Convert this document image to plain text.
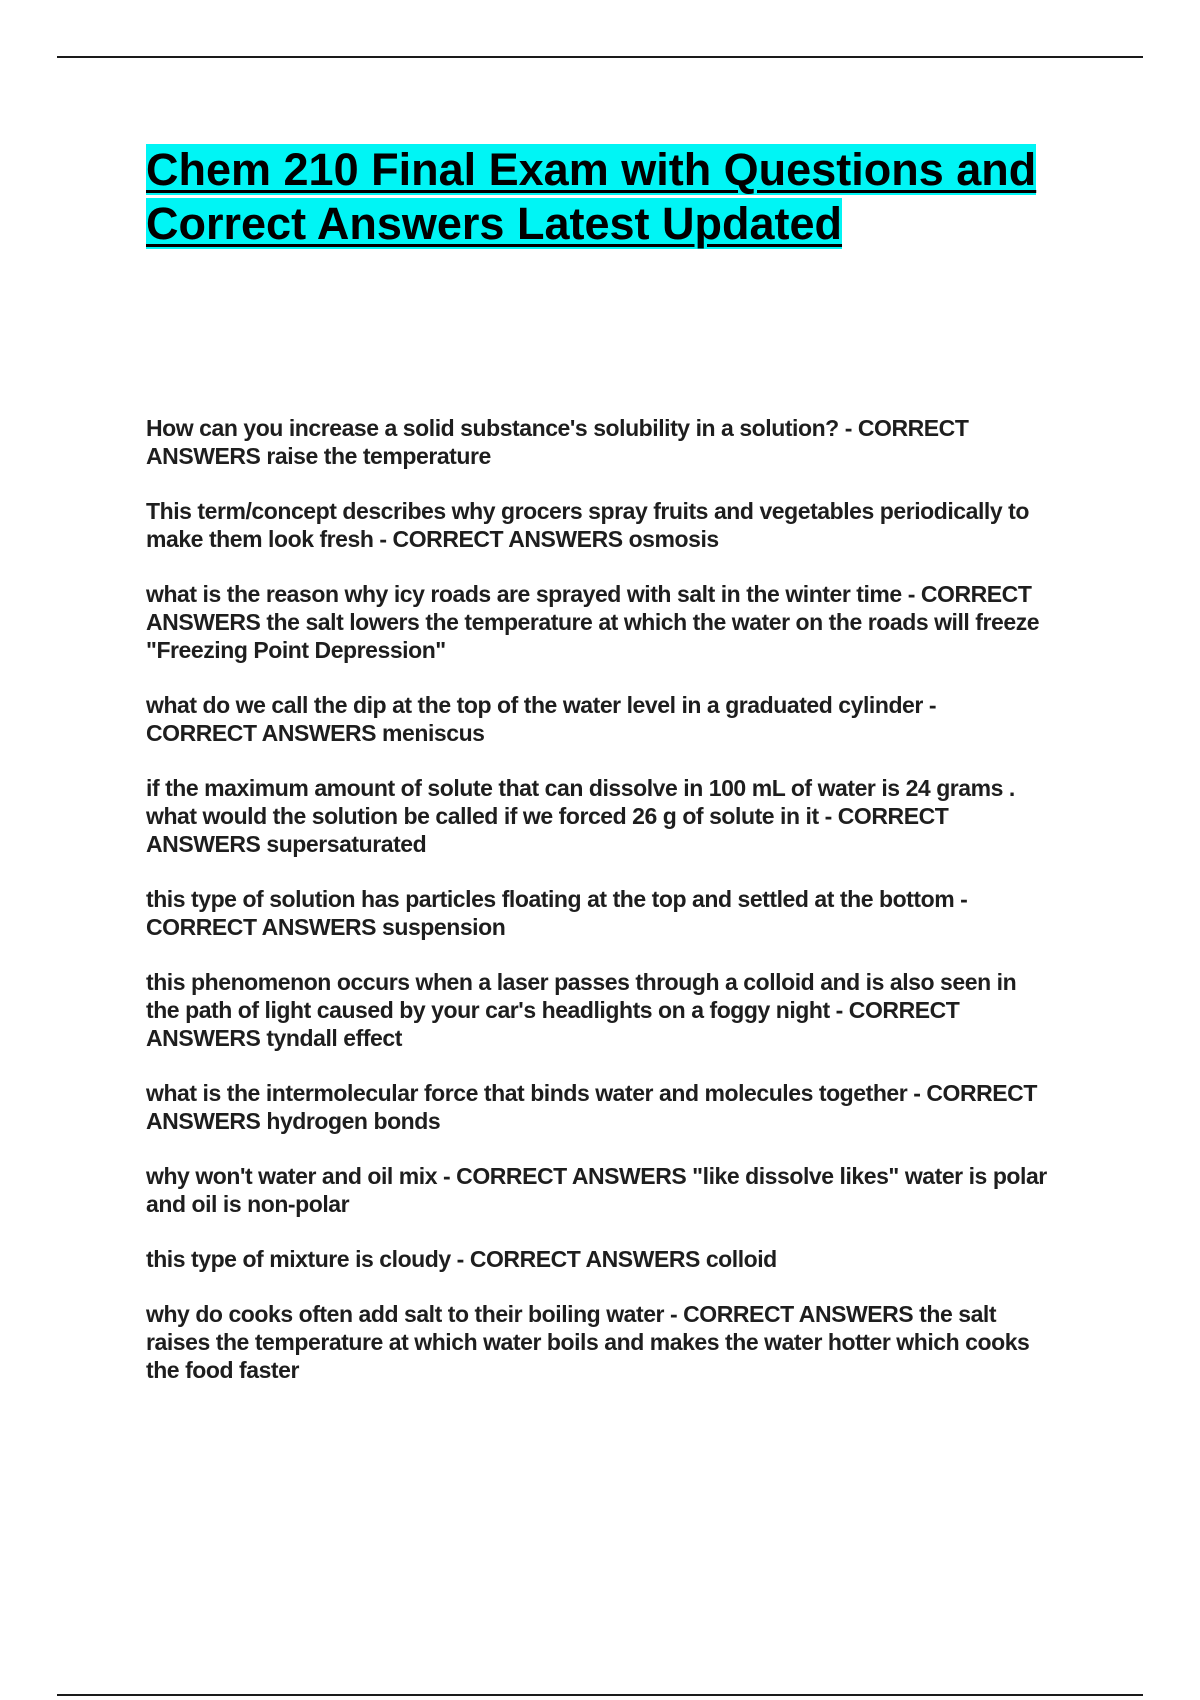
Chem 210 Final Exam with Questions and Correct Answers Latest Updated

How can you increase a solid substance's solubility in a solution? - CORRECT ANSWERS raise the temperature

This term/concept describes why grocers spray fruits and vegetables periodically to make them look fresh - CORRECT ANSWERS osmosis

what is the reason why icy roads are sprayed with salt in the winter time - CORRECT ANSWERS the salt lowers the temperature at which the water on the roads will freeze "Freezing Point Depression"

what do we call the dip at the top of the water level in a graduated cylinder - CORRECT ANSWERS meniscus

if the maximum amount of solute that can dissolve in 100 mL of water is 24 grams . what would the solution be called if we forced 26 g of solute in it - CORRECT ANSWERS supersaturated

this type of solution has particles floating at the top and settled at the bottom - CORRECT ANSWERS suspension

this phenomenon occurs when a laser passes through a colloid and is also seen in the path of light caused by your car's headlights on a foggy night - CORRECT ANSWERS tyndall effect

what is the intermolecular force that binds water and molecules together - CORRECT ANSWERS hydrogen bonds

why won't water and oil mix - CORRECT ANSWERS "like dissolve likes" water is polar and oil is non-polar

this type of mixture is cloudy - CORRECT ANSWERS colloid

why do cooks often add salt to their boiling water - CORRECT ANSWERS the salt raises the temperature at which water boils and makes the water hotter which cooks the food faster
